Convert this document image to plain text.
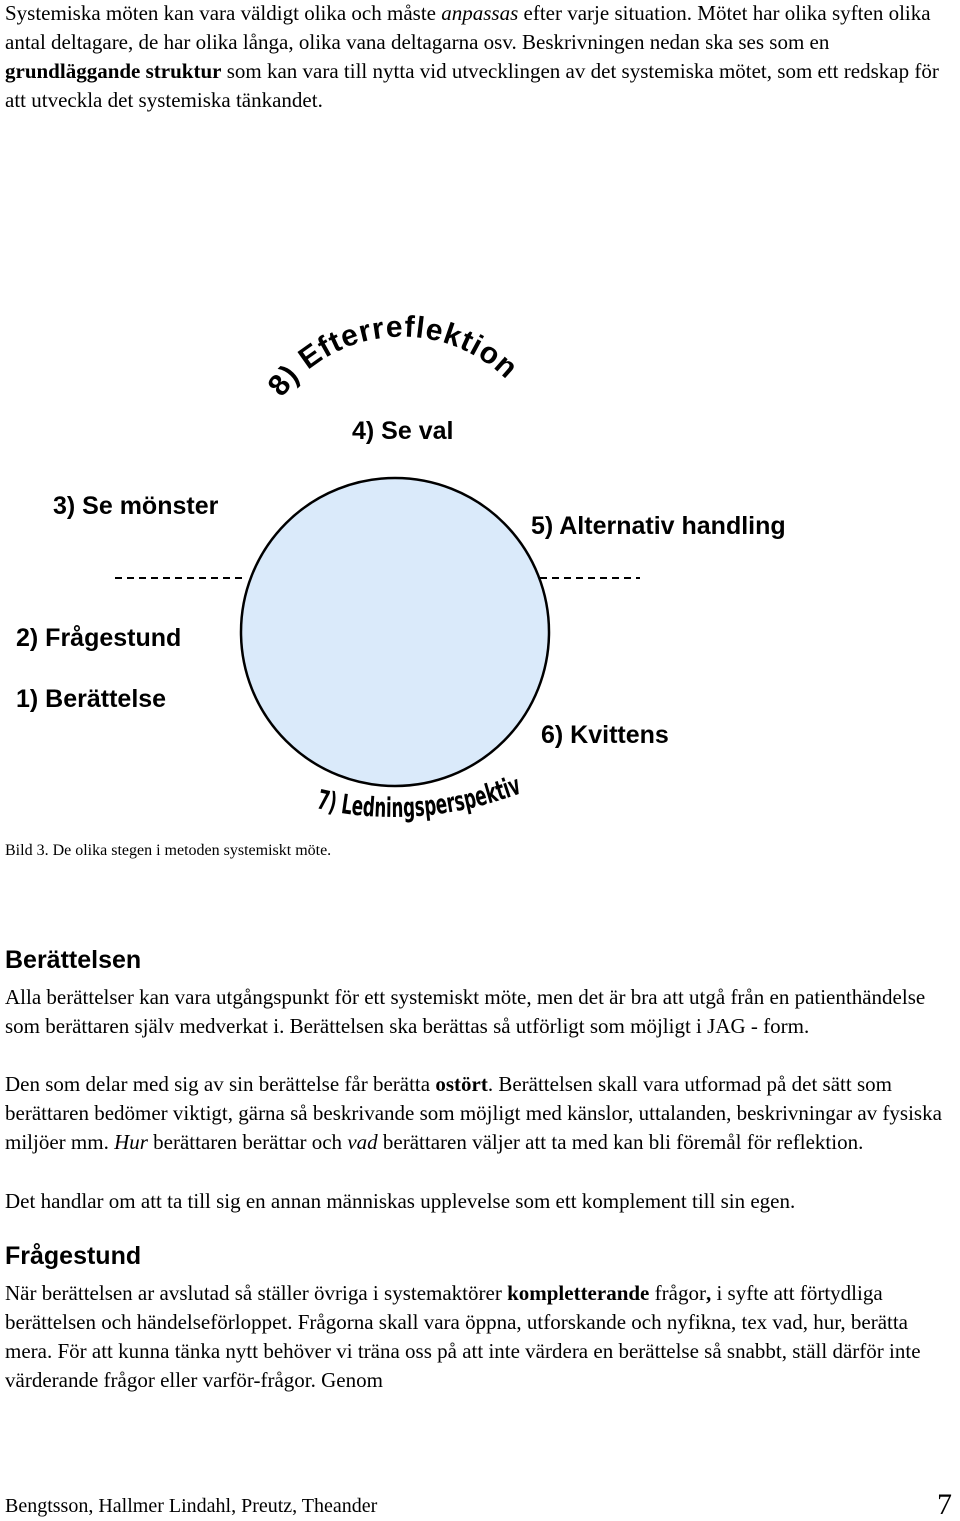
Systemiska möten kan vara väldigt olika och måste anpassas efter varje situation. Mötet har olika syften olika antal deltagare, de har olika långa, olika vana deltagarna osv. Beskrivningen nedan ska ses som en grundläggande struktur som kan vara till nytta vid utvecklingen av det systemiska mötet, som ett redskap för att utveckla det systemiska tänkandet.

8) Efterreflektion
7) Ledningsperspektiv

4) Se val

3) Se mönster

5) Alternativ handling

2) Frågestund

1) Berättelse

6) Kvittens

Bild 3. De olika stegen i metoden systemiskt möte.

Berättelsen

Alla berättelser kan vara utgångspunkt för ett systemiskt möte, men det är bra att utgå från en patienthändelse som berättaren själv medverkat i. Berättelsen ska berättas så utförligt som möjligt i JAG - form.

Den som delar med sig av sin berättelse får berätta ostört. Berättelsen skall vara utformad på det sätt som berättaren bedömer viktigt, gärna så beskrivande som möjligt med känslor, uttalanden, beskrivningar av fysiska miljöer mm. Hur berättaren berättar och vad berättaren väljer att ta med kan bli föremål för reflektion.

Det handlar om att ta till sig en annan människas upplevelse som ett komplement till sin egen.

Frågestund

När berättelsen ar avslutad så ställer övriga i systemaktörer kompletterande frågor, i syfte att förtydliga berättelsen och händelseförloppet. Frågorna skall vara öppna, utforskande och nyfikna, tex vad, hur, berätta mera. För att kunna tänka nytt behöver vi träna oss på att inte värdera en berättelse så snabbt, ställ därför inte värderande frågor eller varför-frågor. Genom

Bengtsson, Hallmer Lindahl, Preutz, Theander	7
